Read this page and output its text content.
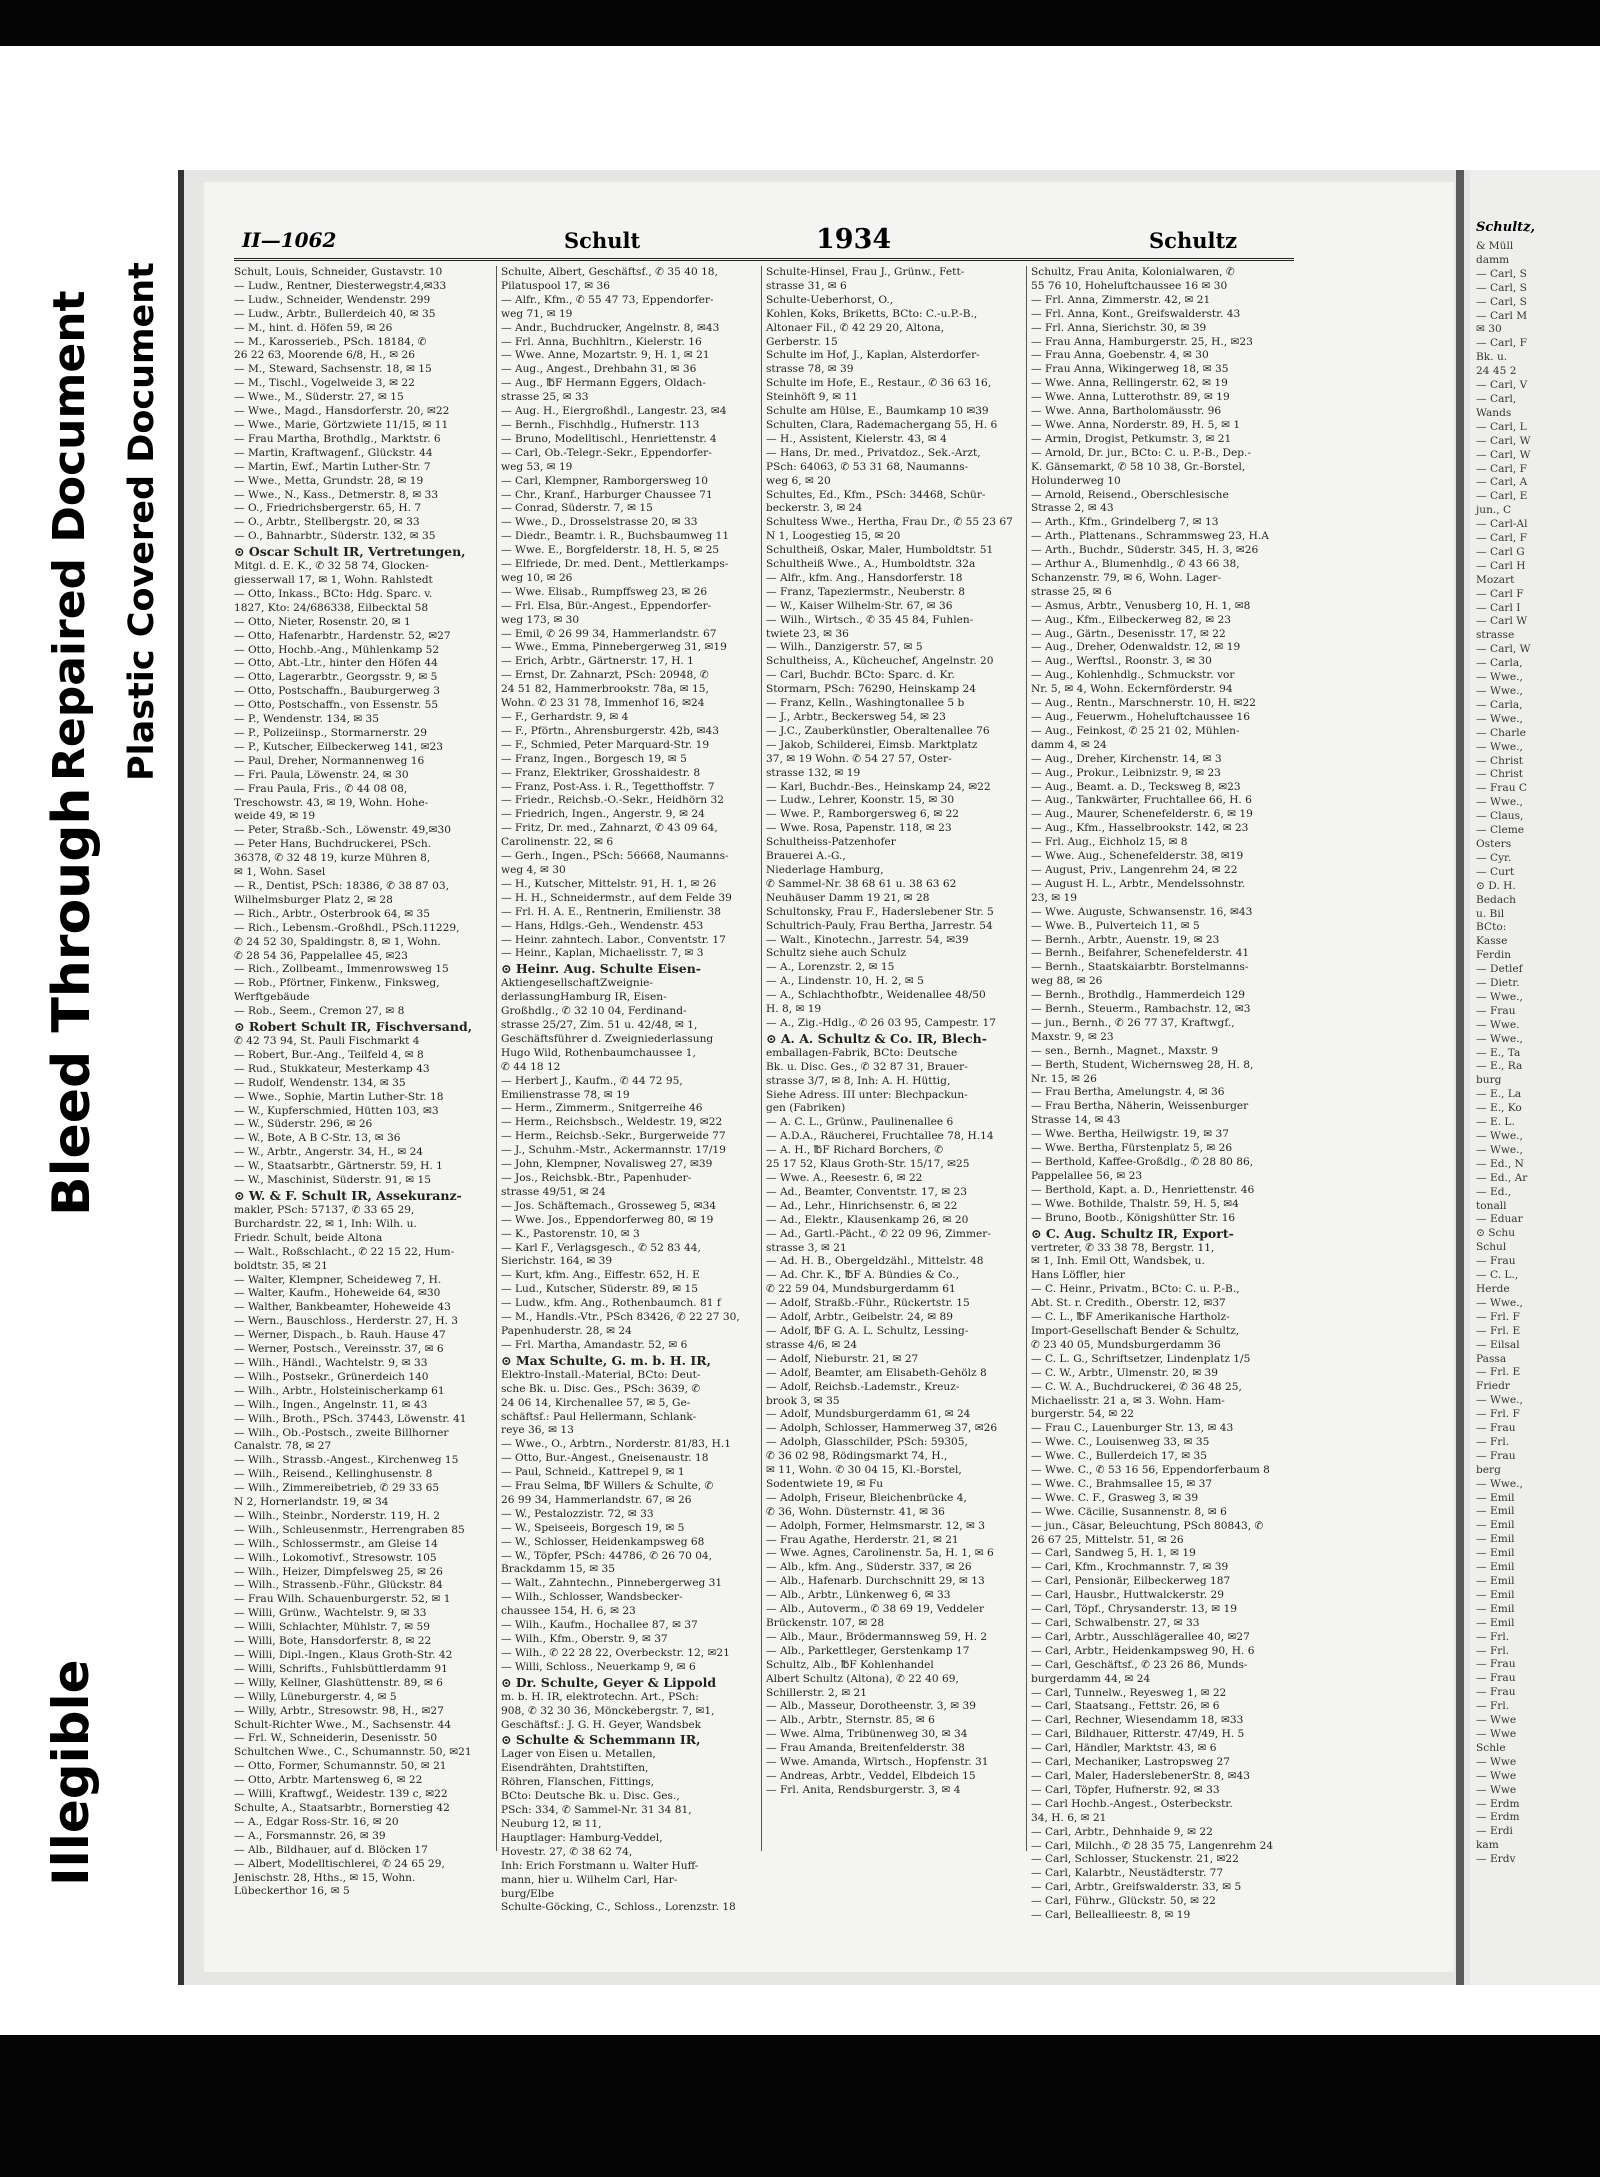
Illegible
Bleed Through
Repaired Document Plastic Covered Document
II—1062	Schult	1934	Schultz
Schult, Louis, Schneider, Gustavstr. 10
— Ludw., Rentner, Diesterwegstr.4,✉33
— Ludw., Schneider, Wendenstr. 299
— Ludw., Arbtr., Bullerdeich 40, ✉ 35
— M., hint. d. Höfen 59, ✉ 26
— M., Karosserieb., PSch. 18184, ✆
26 22 63, Moorende 6/8, H., ✉ 26
— M., Steward, Sachsenstr. 18, ✉ 15
— M., Tischl., Vogelweide 3, ✉ 22
— Wwe., M., Süderstr. 27, ✉ 15
— Wwe., Magd., Hansdorferstr. 20, ✉22
— Wwe., Marie, Görtzwiete 11/15, ✉ 11
— Frau Martha, Brothdlg., Marktstr. 6
— Martin, Kraftwagenf., Glückstr. 44
— Martin, Ewf., Martin Luther-Str. 7
— Wwe., Metta, Grundstr. 28, ✉ 19
— Wwe., N., Kass., Detmerstr. 8, ✉ 33
— O., Friedrichsbergerstr. 65, H. 7
— O., Arbtr., Stellbergstr. 20, ✉ 33
— O., Bahnarbtr., Süderstr. 132, ✉ 35
⊙ Oscar Schult IR, Vertretungen,
Mitgl. d. E. K., ✆ 32 58 74, Glocken-
giesserwall 17, ✉ 1, Wohn. Rahlstedt
— Otto, Inkass., BCto: Hdg. Sparc. v.
1827, Kto: 24/686338, Eilbecktal 58
— Otto, Nieter, Rosenstr. 20, ✉ 1
— Otto, Hafenarbtr., Hardenstr. 52, ✉27
— Otto, Hochb.-Ang., Mühlenkamp 52
— Otto, Abt.-Ltr., hinter den Höfen 44
— Otto, Lagerarbtr., Georgsstr. 9, ✉ 5
— Otto, Postschaffn., Bauburgerweg 3
— Otto, Postschaffn., von Essenstr. 55
— P., Wendenstr. 134, ✉ 35
— P., Polizeiinsp., Stormarnerstr. 29
— P., Kutscher, Eilbeckerweg 141, ✉23
— Paul, Dreher, Normannenweg 16
— Fri. Paula, Löwenstr. 24, ✉ 30
— Frau Paula, Fris., ✆ 44 08 08,
Treschowstr. 43, ✉ 19, Wohn. Hohe-
weide 49, ✉ 19
— Peter, Straßb.-Sch., Löwenstr. 49,✉30
— Peter Hans, Buchdruckerei, PSch.
36378, ✆ 32 48 19, kurze Mühren 8,
✉ 1, Wohn. Sasel
— R., Dentist, PSch: 18386, ✆ 38 87 03,
Wilhelmsburger Platz 2, ✉ 28
— Rich., Arbtr., Osterbrook 64, ✉ 35
— Rich., Lebensm.-Großhdl., PSch.11229,
✆ 24 52 30, Spaldingstr. 8, ✉ 1, Wohn.
✆ 28 54 36, Pappelallee 45, ✉23
— Rich., Zollbeamt., Immenrowsweg 15
— Rob., Pförtner, Finkenw., Finksweg,
Werftgebäude
— Rob., Seem., Cremon 27, ✉ 8
⊙ Robert Schult IR, Fischversand,
✆ 42 73 94, St. Pauli Fischmarkt 4
— Robert, Bur.-Ang., Teilfeld 4, ✉ 8
— Rud., Stukkateur, Mesterkamp 43
— Rudolf, Wendenstr. 134, ✉ 35
— Wwe., Sophie, Martin Luther-Str. 18
— W., Kupferschmied, Hütten 103, ✉3
— W., Süderstr. 296, ✉ 26
— W., Bote, A B C-Str. 13, ✉ 36
— W., Arbtr., Angerstr. 34, H., ✉ 24
— W., Staatsarbtr., Gärtnerstr. 59, H. 1
— W., Maschinist, Süderstr. 91, ✉ 15
⊙ W. & F. Schult IR, Assekuranz-
makler, PSch: 57137, ✆ 33 65 29,
Burchardstr. 22, ✉ 1, Inh: Wilh. u.
Friedr. Schult, beide Altona
— Walt., Roßschlacht., ✆ 22 15 22, Hum-
boldtstr. 35, ✉ 21
— Walter, Klempner, Scheideweg 7, H.
— Walter, Kaufm., Hoheweide 64, ✉30
— Walther, Bankbeamter, Hoheweide 43
— Wern., Bauschloss., Herderstr. 27, H. 3
— Werner, Dispach., b. Rauh. Hause 47
— Werner, Postsch., Vereinsstr. 37, ✉ 6
— Wilh., Händl., Wachtelstr. 9, ✉ 33
— Wilh., Postsekr., Grünerdeich 140
— Wilh., Arbtr., Holsteinischerkamp 61
— Wilh., Ingen., Angelnstr. 11, ✉ 43
— Wilh., Broth., PSch. 37443, Löwenstr. 41
— Wilh., Ob.-Postsch., zweite Billhorner
Canalstr. 78, ✉ 27
— Wilh., Strassb.-Angest., Kirchenweg 15
— Wilh., Reisend., Kellinghusenstr. 8
— Wilh., Zimmereibetrieb, ✆ 29 33 65
N 2, Hornerlandstr. 19, ✉ 34
— Wilh., Steinbr., Norderstr. 119, H. 2
— Wilh., Schleusenmstr., Herrengraben 85
— Wilh., Schlossermstr., am Gleise 14
— Wilh., Lokomotivf., Stresowstr. 105
— Wilh., Heizer, Dimpfelsweg 25, ✉ 26
— Wilh., Strassenb.-Führ., Glückstr. 84
— Frau Wilh. Schauenburgerstr. 52, ✉ 1
— Willi, Grünw., Wachtelstr. 9, ✉ 33
— Willi, Schlachter, Mühlstr. 7, ✉ 59
— Willi, Bote, Hansdorferstr. 8, ✉ 22
— Willi, Dipl.-Ingen., Klaus Groth-Str. 42
— Willi, Schrifts., Fuhlsbüttlerdamm 91
— Willy, Kellner, Glashüttenstr. 89, ✉ 6
— Willy, Lüneburgerstr. 4, ✉ 5
— Willy, Arbtr., Stresowstr. 98, H., ✉27
Schult-Richter Wwe., M., Sachsenstr. 44
— Frl. W., Schneiderin, Desenisstr. 50
Schultchen Wwe., C., Schumannstr. 50, ✉21
— Otto, Former, Schumannstr. 50, ✉ 21
— Otto, Arbtr. Martensweg 6, ✉ 22
— Willi, Kraftwgf., Weidestr. 139 c, ✉22
Schulte, A., Staatsarbtr., Bornerstieg 42
— A., Edgar Ross-Str. 16, ✉ 20
— A., Forsmannstr. 26, ✉ 39
— Alb., Bildhauer, auf d. Blöcken 17
— Albert, Modelltischlerei, ✆ 24 65 29,
Jenischstr. 28, Hths., ✉ 15, Wohn.
Lübeckerthor 16, ✉ 5
Schulte, Albert, Geschäftsf., ✆ 35 40 18,
Pilatuspool 17, ✉ 36
— Alfr., Kfm., ✆ 55 47 73, Eppendorfer-
weg 71, ✉ 19
— Andr., Buchdrucker, Angelnstr. 8, ✉43
— Frl. Anna, Buchhltrn., Kielerstr. 16
— Wwe. Anne, Mozartstr. 9, H. 1, ✉ 21
— Aug., Angest., Drehbahn 31, ✉ 36
— Aug., ℔F Hermann Eggers, Oldach-
strasse 25, ✉ 33
— Aug. H., Eiergroßhdl., Langestr. 23, ✉4
— Bernh., Fischhdlg., Hufnerstr. 113
— Bruno, Modelltischl., Henriettenstr. 4
— Carl, Ob.-Telegr.-Sekr., Eppendorfer-
weg 53, ✉ 19
— Carl, Klempner, Ramborgersweg 10
— Chr., Kranf., Harburger Chaussee 71
— Conrad, Süderstr. 7, ✉ 15
— Wwe., D., Drosselstrasse 20, ✉ 33
— Diedr., Beamtr. i. R., Buchsbaumweg 11
— Wwe. E., Borgfelderstr. 18, H. 5, ✉ 25
— Elfriede, Dr. med. Dent., Mettlerkamps-
weg 10, ✉ 26
— Wwe. Elisab., Rumpffsweg 23, ✉ 26
— Frl. Elsa, Bür.-Angest., Eppendorfer-
weg 173, ✉ 30
— Emil, ✆ 26 99 34, Hammerlandstr. 67
— Wwe., Emma, Pinnebergerweg 31, ✉19
— Erich, Arbtr., Gärtnerstr. 17, H. 1
— Ernst, Dr. Zahnarzt, PSch: 20948, ✆
24 51 82, Hammerbrookstr. 78a, ✉ 15,
Wohn. ✆ 23 31 78, Immenhof 16, ✉24
— F., Gerhardstr. 9, ✉ 4
— F., Pförtn., Ahrensburgerstr. 42b, ✉43
— F., Schmied, Peter Marquard-Str. 19
— Franz, Ingen., Borgesch 19, ✉ 5
— Franz, Elektriker, Grosshaidestr. 8
— Franz, Post-Ass. i. R., Tegetthoffstr. 7
— Friedr., Reichsb.-O.-Sekr., Heidhörn 32
— Friedrich, Ingen., Angerstr. 9, ✉ 24
— Fritz, Dr. med., Zahnarzt, ✆ 43 09 64,
Carolinenstr. 22, ✉ 6
— Gerh., Ingen., PSch: 56668, Naumanns-
weg 4, ✉ 30
— H., Kutscher, Mittelstr. 91, H. 1, ✉ 26
— H. H., Schneidermstr., auf dem Felde 39
— Frl. H. A. E., Rentnerin, Emilienstr. 38
— Hans, Hdlgs.-Geh., Wendenstr. 453
— Heinr. zahntech. Labor., Conventstr. 17
— Heinr., Kaplan, Michaelisstr. 7, ✉ 3
⊙ Heinr. Aug. Schulte Eisen-
AktiengesellschaftZweignie-
derlassungHamburg IR, Eisen-
Großhdlg., ✆ 32 10 04, Ferdinand-
strasse 25/27, Zim. 51 u. 42/48, ✉ 1,
Geschäftsführer d. Zweigniederlassung
Hugo Wild, Rothenbaumchaussee 1,
✆ 44 18 12
— Herbert J., Kaufm., ✆ 44 72 95,
Emilienstrasse 78, ✉ 19
— Herm., Zimmerm., Snitgerreihe 46
— Herm., Reichsbsch., Weldestr. 19, ✉22
— Herm., Reichsb.-Sekr., Burgerweide 77
— J., Schuhm.-Mstr., Ackermannstr. 17/19
— John, Klempner, Novalisweg 27, ✉39
— Jos., Reichsbk.-Btr., Papenhuder-
strasse 49/51, ✉ 24
— Jos. Schäftemach., Grosseweg 5, ✉34
— Wwe. Jos., Eppendorferweg 80, ✉ 19
— K., Pastorenstr. 10, ✉ 3
— Karl F., Verlagsgesch., ✆ 52 83 44,
Sierichstr. 164, ✉ 39
— Kurt, kfm. Ang., Eiffestr. 652, H. E
— Lud., Kutscher, Süderstr. 89, ✉ 15
— Ludw., kfm. Ang., Rothenbaumch. 81 f
— M., Handls.-Vtr., PSch 83426, ✆ 22 27 30,
Papenhuderstr. 28, ✉ 24
— Frl. Martha, Amandastr. 52, ✉ 6
⊙ Max Schulte, G. m. b. H. IR,
Elektro-Install.-Material, BCto: Deut-
sche Bk. u. Disc. Ges., PSch: 3639, ✆
24 06 14, Kirchenallee 57, ✉ 5, Ge-
schäftsf.: Paul Hellermann, Schlank-
reye 36, ✉ 13
— Wwe., O., Arbtrn., Norderstr. 81/83, H.1
— Otto, Bur.-Angest., Gneisenaustr. 18
— Paul, Schneid., Kattrepel 9, ✉ 1
— Frau Selma, ℔F Willers & Schulte, ✆
26 99 34, Hammerlandstr. 67, ✉ 26
— W., Pestalozzistr. 72, ✉ 33
— W., Speiseeis, Borgesch 19, ✉ 5
— W., Schlosser, Heidenkampsweg 68
— W., Töpfer, PSch: 44786, ✆ 26 70 04,
Brackdamm 15, ✉ 35
— Walt., Zahntechn., Pinnebergerweg 31
— Wilh., Schlosser, Wandsbecker-
chaussee 154, H. 6, ✉ 23
— Wilh., Kaufm., Hochallee 87, ✉ 37
— Wilh., Kfm., Oberstr. 9, ✉ 37
— Wilh., ✆ 22 28 22, Overbeckstr. 12, ✉21
— Willi, Schloss., Neuerkamp 9, ✉ 6
⊙ Dr. Schulte, Geyer & Lippold
m. b. H. IR, elektrotechn. Art., PSch:
908, ✆ 32 30 36, Mönckebergstr. 7, ✉1,
Geschäftsf.: J. G. H. Geyer, Wandsbek
⊙ Schulte & Schemmann IR,
Lager von Eisen u. Metallen,
Eisendrähten, Drahtstiften,
Röhren, Flanschen, Fittings,
BCto: Deutsche Bk. u. Disc. Ges.,
PSch: 334, ✆ Sammel-Nr. 31 34 81,
Neuburg 12, ✉ 11,
Hauptlager: Hamburg-Veddel,
Hovestr. 27, ✆ 38 62 74,
Inh: Erich Forstmann u. Walter Huff-
mann, hier u. Wilhelm Carl, Har-
burg/Elbe
Schulte-Göcking, C., Schloss., Lorenzstr. 18
Schulte-Hinsel, Frau J., Grünw., Fett-
strasse 31, ✉ 6
Schulte-Ueberhorst, O.,
Kohlen, Koks, Briketts, BCto: C.-u.P.-B.,
Altonaer Fil., ✆ 42 29 20, Altona,
Gerberstr. 15
Schulte im Hof, J., Kaplan, Alsterdorfer-
strasse 78, ✉ 39
Schulte im Hofe, E., Restaur., ✆ 36 63 16,
Steinhöft 9, ✉ 11
Schulte am Hülse, E., Baumkamp 10 ✉39
Schulten, Clara, Rademachergang 55, H. 6
— H., Assistent, Kielerstr. 43, ✉ 4
— Hans, Dr. med., Privatdoz., Sek.-Arzt,
PSch: 64063, ✆ 53 31 68, Naumanns-
weg 6, ✉ 20
Schultes, Ed., Kfm., PSch: 34468, Schür-
beckerstr. 3, ✉ 24
Schultess Wwe., Hertha, Frau Dr., ✆ 55 23 67
N 1, Loogestieg 15, ✉ 20
Schultheiß, Oskar, Maler, Humboldtstr. 51
Schultheiß Wwe., A., Humboldtstr. 32a
— Alfr., kfm. Ang., Hansdorferstr. 18
— Franz, Tapeziermstr., Neuberstr. 8
— W., Kaiser Wilhelm-Str. 67, ✉ 36
— Wilh., Wirtsch., ✆ 35 45 84, Fuhlen-
twiete 23, ✉ 36
— Wilh., Danzigerstr. 57, ✉ 5
Schultheiss, A., Kücheuchef, Angelnstr. 20
— Carl, Buchdr. BCto: Sparc. d. Kr.
Stormarn, PSch: 76290, Heinskamp 24
— Franz, Kelln., Washingtonallee 5 b
— J., Arbtr., Beckersweg 54, ✉ 23
— J.C., Zauberkünstler, Oberaltenallee 76
— Jakob, Schilderei, Eimsb. Marktplatz
37, ✉ 19 Wohn. ✆ 54 27 57, Oster-
strasse 132, ✉ 19
— Karl, Buchdr.-Bes., Heinskamp 24, ✉22
— Ludw., Lehrer, Koonstr. 15, ✉ 30
— Wwe. P., Ramborgersweg 6, ✉ 22
— Wwe. Rosa, Papenstr. 118, ✉ 23
Schultheiss-Patzenhofer
Brauerei A.-G.,
Niederlage Hamburg,
✆ Sammel-Nr. 38 68 61 u. 38 63 62
Neuhäuser Damm 19 21, ✉ 28
Schultonsky, Frau F., Haderslebener Str. 5
Schultrich-Pauly, Frau Bertha, Jarrestr. 54
— Walt., Kinotechn., Jarrestr. 54, ✉39
Schultz siehe auch Schulz
— A., Lorenzstr. 2, ✉ 15
— A., Lindenstr. 10, H. 2, ✉ 5
— A., Schlachthofbtr., Weidenallee 48/50
H. 8, ✉ 19
— A., Zig.-Hdlg., ✆ 26 03 95, Campestr. 17
⊙ A. A. Schultz & Co. IR, Blech-
emballagen-Fabrik, BCto: Deutsche
Bk. u. Disc. Ges., ✆ 32 87 31, Brauer-
strasse 3/7, ✉ 8, Inh: A. H. Hüttig,
Siehe Adress. III unter: Blechpackun-
gen (Fabriken)
— A. C. L., Grünw., Paulinenallee 6
— A.D.A., Räucherei, Fruchtallee 78, H.14
— A. H., ℔F Richard Borchers, ✆
25 17 52, Klaus Groth-Str. 15/17, ✉25
— Wwe. A., Reesestr. 6, ✉ 22
— Ad., Beamter, Conventstr. 17, ✉ 23
— Ad., Lehr., Hinrichsenstr. 6, ✉ 22
— Ad., Elektr., Klausenkamp 26, ✉ 20
— Ad., Gartl.-Pächt., ✆ 22 09 96, Zimmer-
strasse 3, ✉ 21
— Ad. H. B., Obergeldzähl., Mittelstr. 48
— Ad. Chr. K., ℔F A. Bündies & Co.,
✆ 22 59 04, Mundsburgerdamm 61
— Adolf, Straßb.-Führ., Rückertstr. 15
— Adolf, Arbtr., Geibelstr. 24, ✉ 89
— Adolf, ℔F G. A. L. Schultz, Lessing-
strasse 4/6, ✉ 24
— Adolf, Nieburstr. 21, ✉ 27
— Adolf, Beamter, am Elisabeth-Gehölz 8
— Adolf, Reichsb.-Lademstr., Kreuz-
brook 3, ✉ 35
— Adolf, Mundsburgerdamm 61, ✉ 24
— Adolph, Schlosser, Hammerweg 37, ✉26
— Adolph, Glasschilder, PSch: 59305,
✆ 36 02 98, Rödingsmarkt 74, H.,
✉ 11, Wohn. ✆ 30 04 15, Kl.-Borstel,
Sodentwiete 19, ✉ Fu
— Adolph, Friseur, Bleichenbrücke 4,
✆ 36, Wohn. Düsternstr. 41, ✉ 36
— Adolph, Former, Helmsmarstr. 12, ✉ 3
— Frau Agathe, Herderstr. 21, ✉ 21
— Wwe. Agnes, Carolinenstr. 5a, H. 1, ✉ 6
— Alb., kfm. Ang., Süderstr. 337, ✉ 26
— Alb., Hafenarb. Durchschnitt 29, ✉ 13
— Alb., Arbtr., Lünkenweg 6, ✉ 33
— Alb., Autoverm., ✆ 38 69 19, Veddeler
Brückenstr. 107, ✉ 28
— Alb., Maur., Brödermannsweg 59, H. 2
— Alb., Parkettleger, Gerstenkamp 17
Schultz, Alb., ℔F Kohlenhandel
Albert Schultz (Altona), ✆ 22 40 69,
Schillerstr. 2, ✉ 21
— Alb., Masseur, Dorotheenstr. 3, ✉ 39
— Alb., Arbtr., Sternstr. 85, ✉ 6
— Wwe. Alma, Tribünenweg 30, ✉ 34
— Frau Amanda, Breitenfelderstr. 38
— Wwe. Amanda, Wirtsch., Hopfenstr. 31
— Andreas, Arbtr., Veddel, Elbdeich 15
— Frl. Anita, Rendsburgerstr. 3, ✉ 4
Schultz, Frau Anita, Kolonialwaren, ✆
55 76 10, Hoheluftchaussee 16 ✉ 30
— Frl. Anna, Zimmerstr. 42, ✉ 21
— Frl. Anna, Kont., Greifswalderstr. 43
— Frl. Anna, Sierichstr. 30, ✉ 39
— Frau Anna, Hamburgerstr. 25, H., ✉23
— Frau Anna, Goebenstr. 4, ✉ 30
— Frau Anna, Wikingerweg 18, ✉ 35
— Wwe. Anna, Rellingerstr. 62, ✉ 19
— Wwe. Anna, Lutterothstr. 89, ✉ 19
— Wwe. Anna, Bartholomäusstr. 96
— Wwe. Anna, Norderstr. 89, H. 5, ✉ 1
— Armin, Drogist, Petkumstr. 3, ✉ 21
— Arnold, Dr. jur., BCto: C. u. P.-B., Dep.-
K. Gänsemarkt, ✆ 58 10 38, Gr.-Borstel,
Holunderweg 10
— Arnold, Reisend., Oberschlesische
Strasse 2, ✉ 43
— Arth., Kfm., Grindelberg 7, ✉ 13
— Arth., Plattenans., Schrammsweg 23, H.A
— Arth., Buchdr., Süderstr. 345, H. 3, ✉26
— Arthur A., Blumenhdlg., ✆ 43 66 38,
Schanzenstr. 79, ✉ 6, Wohn. Lager-
strasse 25, ✉ 6
— Asmus, Arbtr., Venusberg 10, H. 1, ✉8
— Aug., Kfm., Eilbeckerweg 82, ✉ 23
— Aug., Gärtn., Desenisstr. 17, ✉ 22
— Aug., Dreher, Odenwaldstr. 12, ✉ 19
— Aug., Werftsl., Roonstr. 3, ✉ 30
— Aug., Kohlenhdlg., Schmuckstr. vor
Nr. 5, ✉ 4, Wohn. Eckernförderstr. 94
— Aug., Rentn., Marschnerstr. 10, H. ✉22
— Aug., Feuerwm., Hoheluftchaussee 16
— Aug., Feinkost, ✆ 25 21 02, Mühlen-
damm 4, ✉ 24
— Aug., Dreher, Kirchenstr. 14, ✉ 3
— Aug., Prokur., Leibnizstr. 9, ✉ 23
— Aug., Beamt. a. D., Tecksweg 8, ✉23
— Aug., Tankwärter, Fruchtallee 66, H. 6
— Aug., Maurer, Schenefelderstr. 6, ✉ 19
— Aug., Kfm., Hasselbrookstr. 142, ✉ 23
— Frl. Aug., Eichholz 15, ✉ 8
— Wwe. Aug., Schenefelderstr. 38, ✉19
— August, Priv., Langenrehm 24, ✉ 22
— August H. L., Arbtr., Mendelssohnstr.
23, ✉ 19
— Wwe. Auguste, Schwansenstr. 16, ✉43
— Wwe. B., Pulverteich 11, ✉ 5
— Bernh., Arbtr., Auenstr. 19, ✉ 23
— Bernh., Beifahrer, Schenefelderstr. 41
— Bernh., Staatskaiarbtr. Borstelmanns-
weg 88, ✉ 26
— Bernh., Brothdlg., Hammerdeich 129
— Bernh., Steuerm., Rambachstr. 12, ✉3
— jun., Bernh., ✆ 26 77 37, Kraftwgf.,
Maxstr. 9, ✉ 23
— sen., Bernh., Magnet., Maxstr. 9
— Berth, Student, Wichernsweg 28, H. 8,
Nr. 15, ✉ 26
— Frau Bertha, Amelungstr. 4, ✉ 36
— Frau Bertha, Näherin, Weissenburger
Strasse 14, ✉ 43
— Wwe. Bertha, Heilwigstr. 19, ✉ 37
— Wwe. Bertha, Fürstenplatz 5, ✉ 26
— Berthold, Kaffee-Großdlg., ✆ 28 80 86,
Pappelallee 56, ✉ 23
— Berthold, Kapt. a. D., Henriettenstr. 46
— Wwe. Bothilde, Thalstr. 59, H. 5, ✉4
— Bruno, Bootb., Königshütter Str. 16
⊙ C. Aug. Schultz IR, Export-
vertreter, ✆ 33 38 78, Bergstr. 11,
✉ 1, Inh. Emil Ott, Wandsbek, u.
Hans Löffler, hier
— C. Heinr., Privatm., BCto: C. u. P.-B.,
Abt. St. r. Credith., Oberstr. 12, ✉37
— C. L., ℔F Amerikanische Hartholz-
Import-Gesellschaft Bender & Schultz,
✆ 23 40 05, Mundsburgerdamm 36
— C. L. G., Schriftsetzer, Lindenplatz 1/5
— C. W., Arbtr., Ulmenstr. 20, ✉ 39
— C. W. A., Buchdruckerei, ✆ 36 48 25,
Michaelisstr. 21 a, ✉ 3. Wohn. Ham-
burgerstr. 54, ✉ 22
— Frau C., Lauenburger Str. 13, ✉ 43
— Wwe. C., Louisenweg 33, ✉ 35
— Wwe. C., Bullerdeich 17, ✉ 35
— Wwe. C., ✆ 53 16 56, Eppendorferbaum 8
— Wwe. C., Brahmsallee 15, ✉ 37
— Wwe. C. F., Grasweg 3, ✉ 39
— Wwe. Cäcilie, Susannenstr. 8, ✉ 6
— jun., Cäsar, Beleuchtung, PSch 80843, ✆
26 67 25, Mittelstr. 51, ✉ 26
— Carl, Sandweg 5, H. 1, ✉ 19
— Carl, Kfm., Krochmannstr. 7, ✉ 39
— Carl, Pensionär, Eilbeckerweg 187
— Carl, Hausbr., Huttwalckerstr. 29
— Carl, Töpf., Chrysanderstr. 13, ✉ 19
— Carl, Schwalbenstr. 27, ✉ 33
— Carl, Arbtr., Ausschlägerallee 40, ✉27
— Carl, Arbtr., Heidenkampsweg 90, H. 6
— Carl, Geschäftsf., ✆ 23 26 86, Munds-
burgerdamm 44, ✉ 24
— Carl, Tunnelw., Reyesweg 1, ✉ 22
— Carl, Staatsang., Fettstr. 26, ✉ 6
— Carl, Rechner, Wiesendamm 18, ✉33
— Carl, Bildhauer, Ritterstr. 47/49, H. 5
— Carl, Händler, Marktstr. 43, ✉ 6
— Carl, Mechaniker, Lastropsweg 27
— Carl, Maler, HaderslebenerStr. 8, ✉43
— Carl, Töpfer, Hufnerstr. 92, ✉ 33
— Carl Hochb.-Angest., Osterbeckstr.
34, H. 6, ✉ 21
— Carl, Arbtr., Dehnhaide 9, ✉ 22
— Carl, Milchh., ✆ 28 35 75, Langenrehm 24
— Carl, Schlosser, Stuckenstr. 21, ✉22
— Carl, Kalarbtr., Neustädterstr. 77
— Carl, Arbtr., Greifswalderstr. 33, ✉ 5
— Carl, Führw., Glückstr. 50, ✉ 22
— Carl, Belleallieestr. 8, ✉ 19
Schultz,
& Müll
damm
— Carl, S
— Carl, S
— Carl, S
— Carl M
✉ 30
— Carl, F
Bk. u.
24 45 2
— Carl, V
— Carl,
Wands
— Carl, L
— Carl, W
— Carl, W
— Carl, F
— Carl, A
— Carl, E
jun., C
— Carl-Al
— Carl, F
— Carl G
— Carl H
Mozart
— Carl F
— Carl I
— Carl W
strasse
— Carl, W
— Carla,
— Wwe.,
— Wwe.,
— Carla,
— Wwe.,
— Charle
— Wwe.,
— Christ
— Christ
— Frau C
— Wwe.,
— Claus,
— Cleme
Osters
— Cyr.
— Curt
⊙ D. H.
Bedach
u. Bil
BCto:
Kasse
Ferdin
— Detlef
— Dietr.
— Wwe.,
— Frau
— Wwe.
— Wwe.,
— E., Ta
— E., Ra
burg
— E., La
— E., Ko
— E. L.
— Wwe.,
— Wwe.,
— Ed., N
— Ed., Ar
— Ed.,
tonall
— Eduar
⊙ Schu
Schul
— Frau
— C. L.,
Herde
— Wwe.,
— Frl. F
— Frl. E
— Eilsal
Passa
— Frl. E
Friedr
— Wwe.,
— Frl. F
— Frau
— Frl.
— Frau
berg
— Wwe.,
— Emil
— Emil
— Emil
— Emil
— Emil
— Emil
— Emil
— Emil
— Emil
— Emil
— Frl.
— Frl.
— Frau
— Frau
— Frau
— Frl.
— Wwe
— Wwe
Schle
— Wwe
— Wwe
— Wwe
— Erdm
— Erdm
— Erdi
kam
— Erdv
